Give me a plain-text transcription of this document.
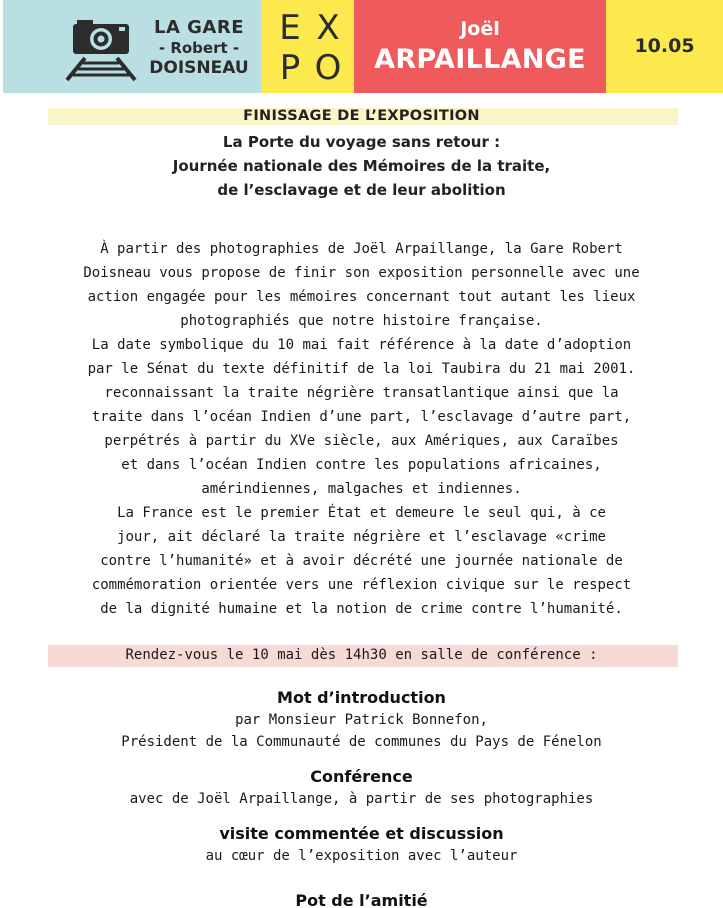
LA GARE
- Robert -
DOISNEAU
E X
P O
Joël
ARPAILLANGE	10.05
FINISSAGE DE L’EXPOSITION
La Porte du voyage sans retour :
Journée nationale des Mémoires de la traite,
de l’esclavage et de leur abolition
À partir des photographies de Joël Arpaillange, la Gare Robert
Doisneau vous propose de finir son exposition personnelle avec une
action engagée pour les mémoires concernant tout autant les lieux
photographiés que notre histoire française.
La date symbolique du 10 mai fait référence à la date d’adoption
par le Sénat du texte définitif de la loi Taubira du 21 mai 2001.
reconnaissant la traite négrière transatlantique ainsi que la
traite dans l’océan Indien d’une part, l’esclavage d’autre part,
perpétrés à partir du XVe siècle, aux Amériques, aux Caraïbes
et dans l’océan Indien contre les populations africaines,
amérindiennes, malgaches et indiennes.
La France est le premier État et demeure le seul qui, à ce
jour, ait déclaré la traite négrière et l’esclavage «crime
contre l’humanité» et à avoir décrété une journée nationale de
commémoration orientée vers une réflexion civique sur le respect
de la dignité humaine et la notion de crime contre l’humanité.
Rendez-vous le 10 mai dès 14h30 en salle de conférence :
Mot d’introduction
par Monsieur Patrick Bonnefon,
Président de la Communauté de communes du Pays de Fénelon
Conférence
avec de Joël Arpaillange, à partir de ses photographies
visite commentée et discussion
au cœur de l’exposition avec l’auteur
Pot de l’amitié
